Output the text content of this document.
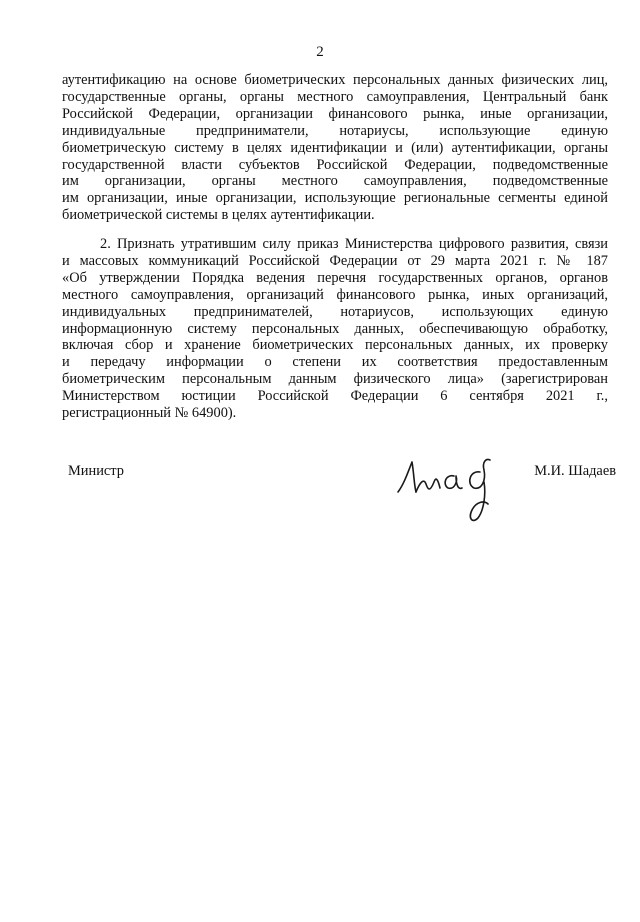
2
аутентификацию на основе биометрических персональных данных физических лиц,
государственные органы, органы местного самоуправления, Центральный банк
Российской Федерации, организации финансового рынка, иные организации,
индивидуальные предприниматели, нотариусы, использующие единую
биометрическую систему в целях идентификации и (или) аутентификации, органы
государственной власти субъектов Российской Федерации, подведомственные
им организации, органы местного самоуправления, подведомственные
им организации, иные организации, использующие региональные сегменты единой
биометрической системы в целях аутентификации.
2. Признать утратившим силу приказ Министерства цифрового развития, связи
и массовых коммуникаций Российской Федерации от 29 марта 2021 г. № 187
«Об утверждении Порядка ведения перечня государственных органов, органов
местного самоуправления, организаций финансового рынка, иных организаций,
индивидуальных предпринимателей, нотариусов, использующих единую
информационную систему персональных данных, обеспечивающую обработку,
включая сбор и хранение биометрических персональных данных, их проверку
и передачу информации о степени их соответствия предоставленным
биометрическим персональным данным физического лица» (зарегистрирован
Министерством юстиции Российской Федерации 6 сентября 2021 г.,
регистрационный № 64900).
Министр	М.И. Шадаев
